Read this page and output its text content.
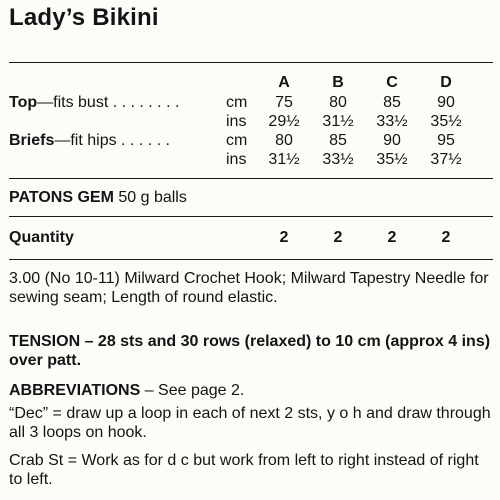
Lady’s Bikini
A	B	C	D
Top—fits bust . . . . . . . .	cm	75	80	85	90
ins 29½ 31½ 33½ 35½
Briefs—fit hips . . . . . .	cm	80	85	90	95
ins 31½ 33½ 35½ 37½
PATONS GEM 50 g balls
Quantity	2	2	2	2
3.00 (No 10-11) Milward Crochet Hook; Milward Tapestry Needle for sewing seam; Length of round elastic.
TENSION – 28 sts and 30 rows (relaxed) to 10 cm (approx 4 ins) over patt.
ABBREVIATIONS – See page 2.
“Dec” = draw up a loop in each of next 2 sts, y o h and draw through all 3 loops on hook.
Crab St = Work as for d c but work from left to right instead of right to left.
